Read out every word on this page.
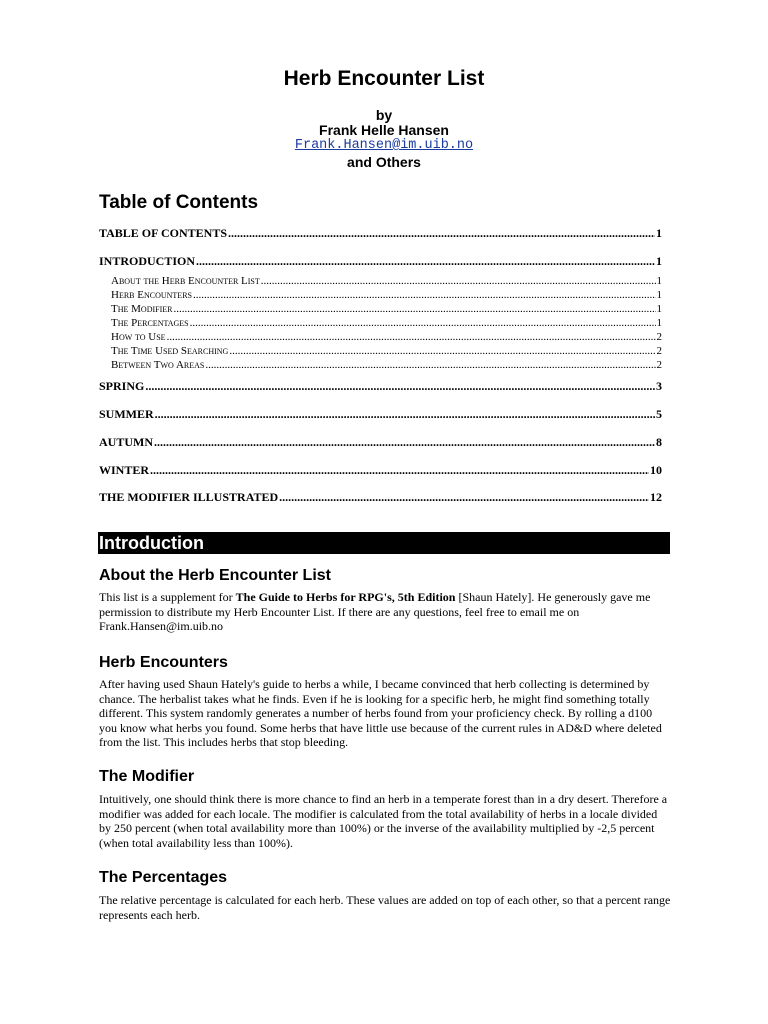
Herb Encounter List
by
Frank Helle Hansen
Frank.Hansen@im.uib.no
and Others
Table of Contents
TABLE OF CONTENTS .....	1
INTRODUCTION .....	1
About the Herb Encounter List .....	1
Herb Encounters .....	1
The Modifier .....	1
The Percentages .....	1
How to Use .....	2
The Time Used Searching .....	2
Between Two Areas .....	2
SPRING .....	3
SUMMER .....	5
AUTUMN .....	8
WINTER .....	10
THE MODIFIER ILLUSTRATED .....	12
Introduction
About the Herb Encounter List
This list is a supplement for The Guide to Herbs for RPG's, 5th Edition [Shaun Hately]. He generously gave me permission to distribute my Herb Encounter List. If there are any questions, feel free to email me on Frank.Hansen@im.uib.no
Herb Encounters
After having used Shaun Hately's guide to herbs a while, I became convinced that herb collecting is determined by chance. The herbalist takes what he finds. Even if he is looking for a specific herb, he might find something totally different. This system randomly generates a number of herbs found from your proficiency check. By rolling a d100 you know what herbs you found. Some herbs that have little use because of the current rules in AD&D where deleted from the list. This includes herbs that stop bleeding.
The Modifier
Intuitively, one should think there is more chance to find an herb in a temperate forest than in a dry desert. Therefore a modifier was added for each locale. The modifier is calculated from the total availability of herbs in a locale divided by 250 percent (when total availability more than 100%) or the inverse of the availability multiplied by -2,5 percent (when total availability less than 100%).
The Percentages
The relative percentage is calculated for each herb. These values are added on top of each other, so that a percent range represents each herb.
